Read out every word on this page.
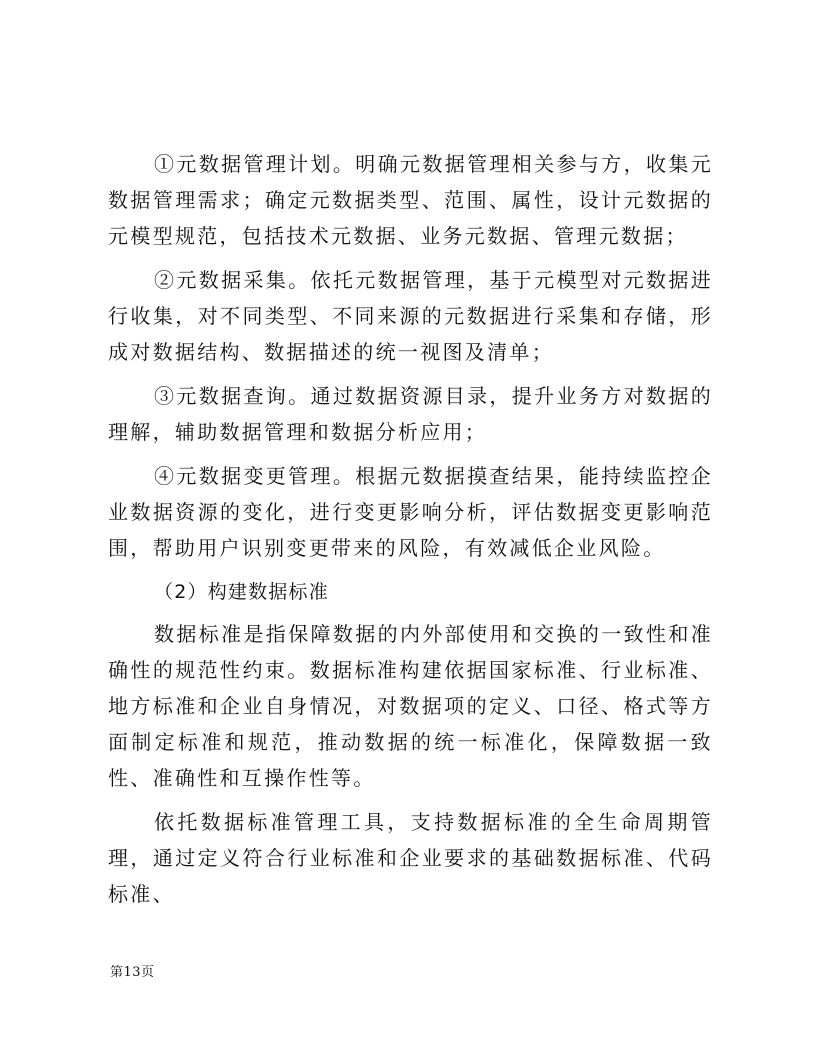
①元数据管理计划。明确元数据管理相关参与方，收集元数据管理需求；确定元数据类型、范围、属性，设计元数据的元模型规范，包括技术元数据、业务元数据、管理元数据；

②元数据采集。依托元数据管理，基于元模型对元数据进行收集，对不同类型、不同来源的元数据进行采集和存储，形成对数据结构、数据描述的统一视图及清单；

③元数据查询。通过数据资源目录，提升业务方对数据的理解，辅助数据管理和数据分析应用；

④元数据变更管理。根据元数据摸查结果，能持续监控企业数据资源的变化，进行变更影响分析，评估数据变更影响范围，帮助用户识别变更带来的风险，有效减低企业风险。

（2）构建数据标准

数据标准是指保障数据的内外部使用和交换的一致性和准确性的规范性约束。数据标准构建依据国家标准、行业标准、地方标准和企业自身情况，对数据项的定义、口径、格式等方面制定标准和规范，推动数据的统一标准化，保障数据一致性、准确性和互操作性等。

依托数据标准管理工具，支持数据标准的全生命周期管理，通过定义符合行业标准和企业要求的基础数据标准、代码标准、

第13页
